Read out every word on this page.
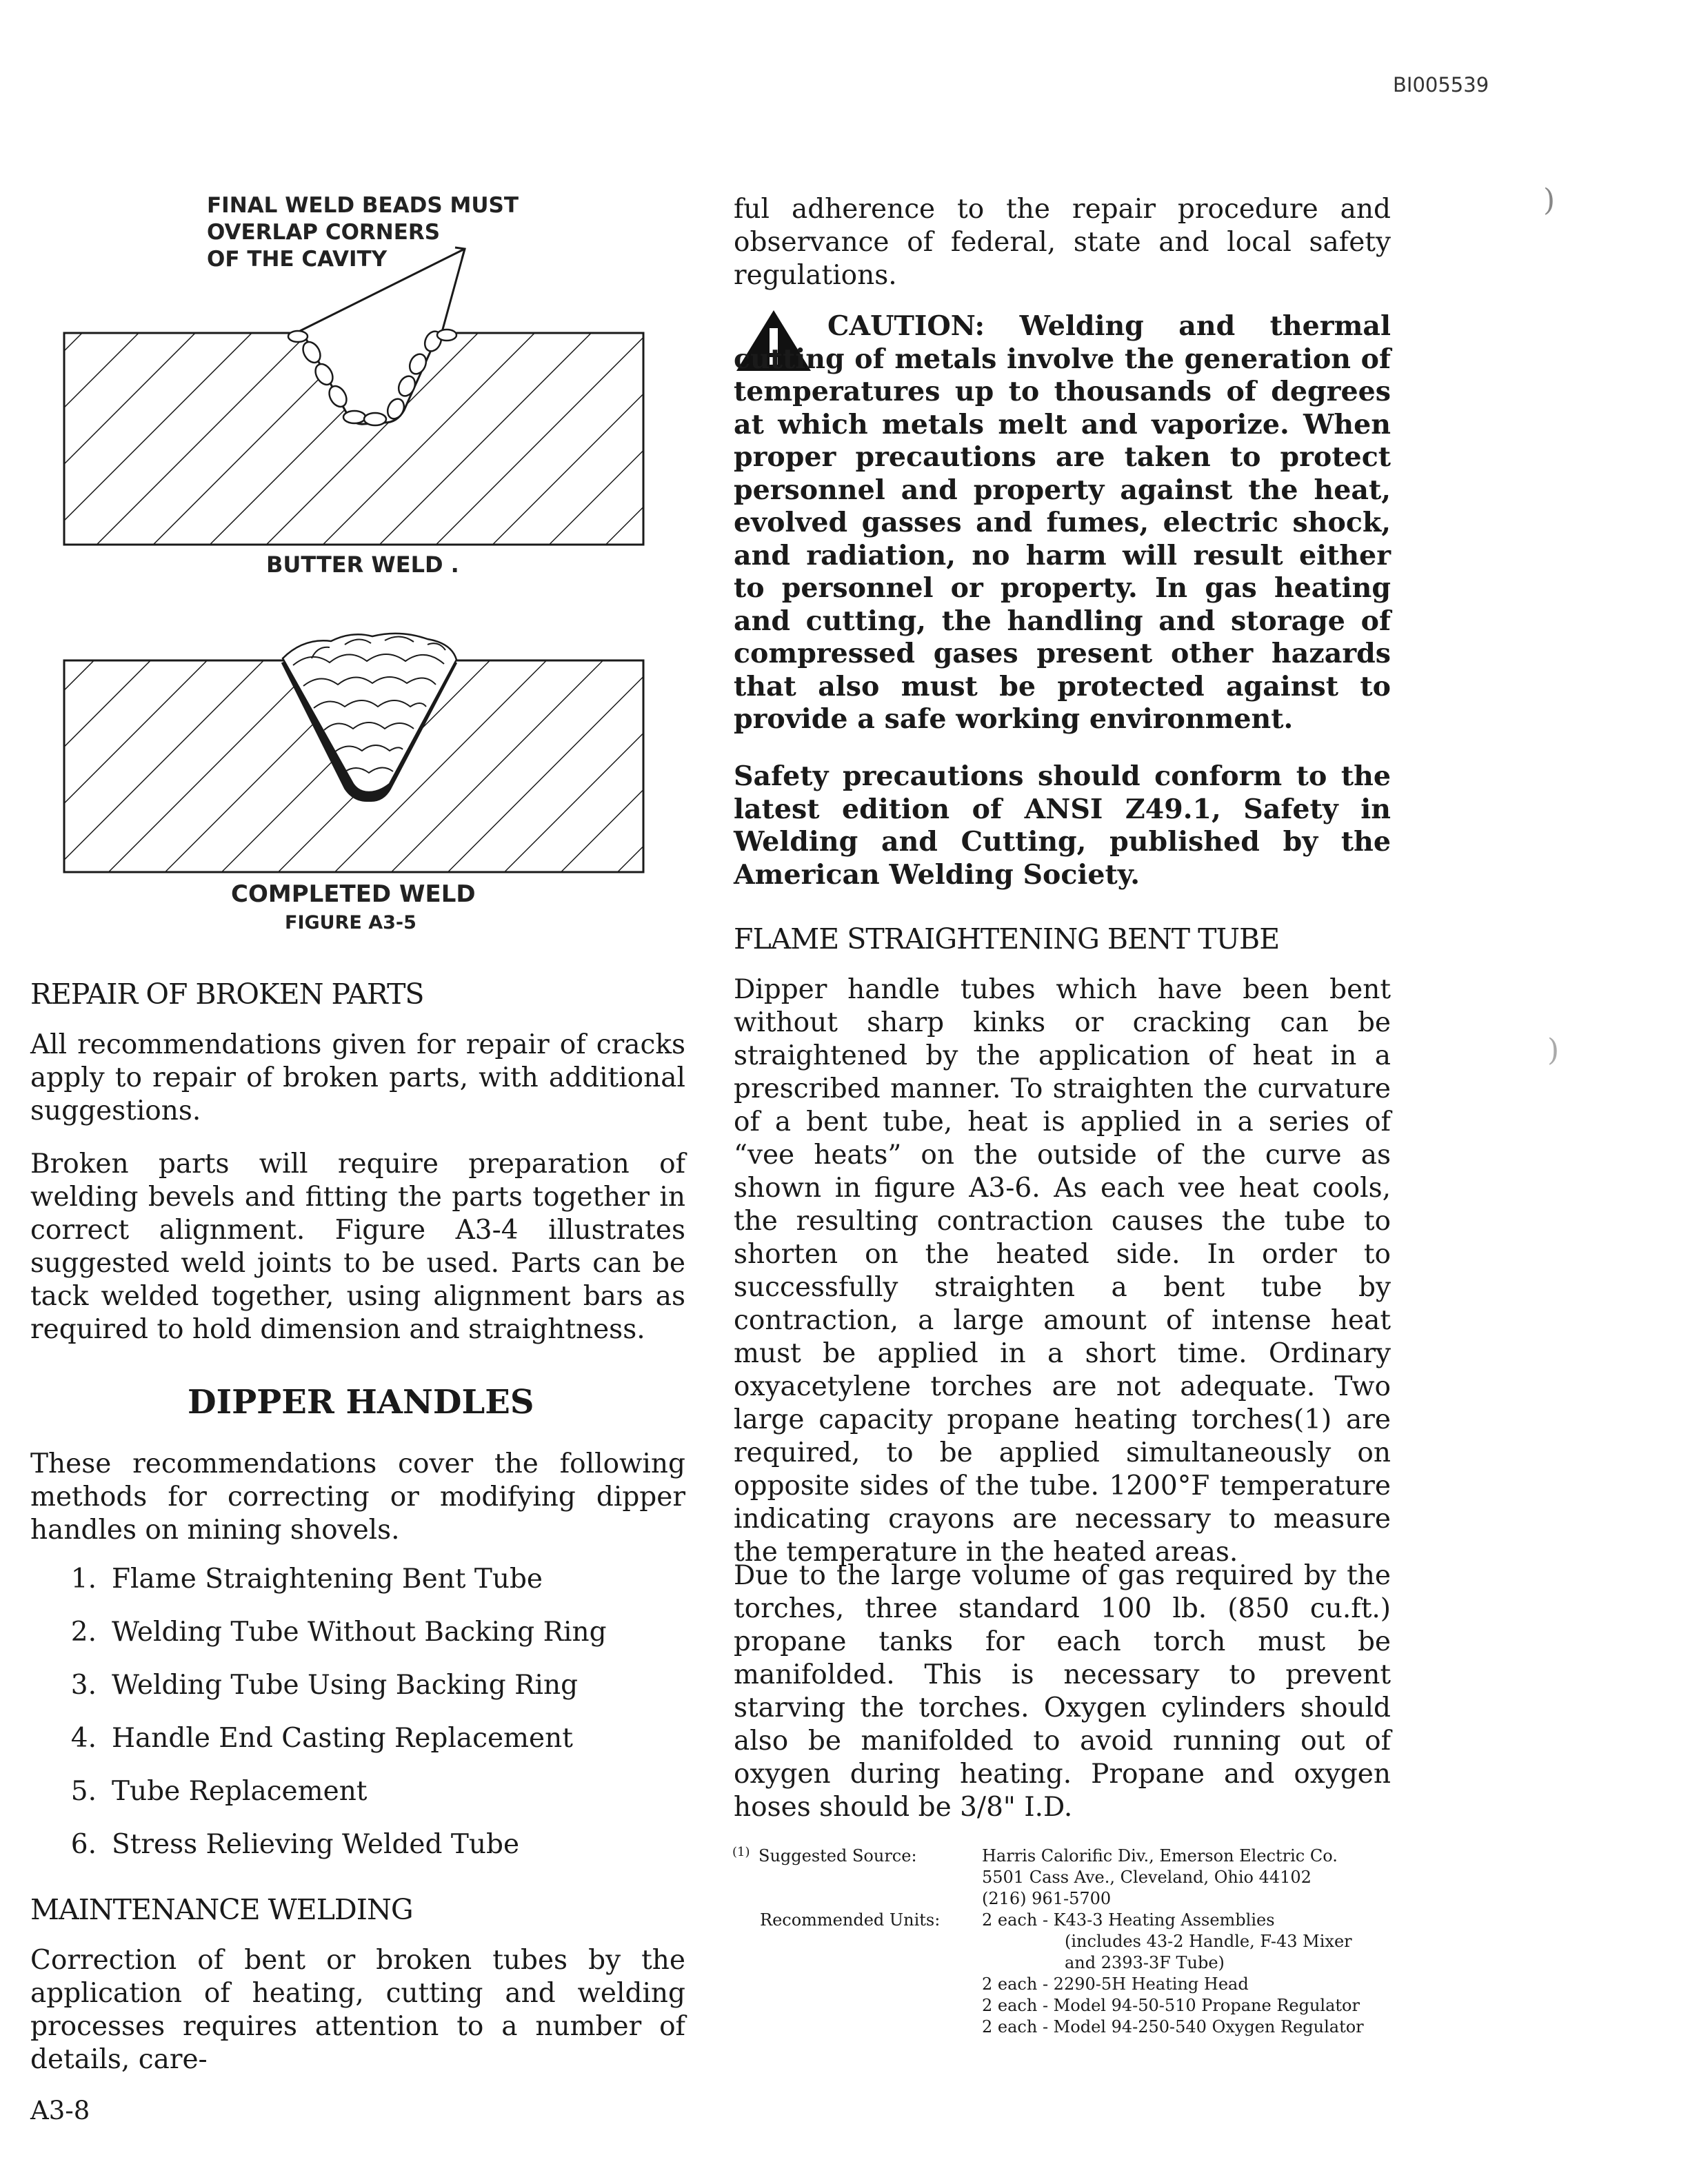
BI005539
)
)
FINAL WELD BEADS MUST
OVERLAP CORNERS
OF THE CAVITY
BUTTER WELD .
COMPLETED WELD
FIGURE A3-5
REPAIR OF BROKEN PARTS
All recommendations given for repair of cracks apply to repair of broken parts, with additional suggestions.
Broken parts will require preparation of welding bevels and fitting the parts together in correct alignment. Figure A3-4 illustrates suggested weld joints to be used. Parts can be tack welded together, using alignment bars as required to hold dimension and straightness.
DIPPER HANDLES
These recommendations cover the following methods for correcting or modifying dipper handles on mining shovels.
1. Flame Straightening Bent Tube
2. Welding Tube Without Backing Ring
3. Welding Tube Using Backing Ring
4. Handle End Casting Replacement
5. Tube Replacement
6. Stress Relieving Welded Tube
MAINTENANCE WELDING
Correction of bent or broken tubes by the application of heating, cutting and welding processes requires attention to a number of details, care-
ful adherence to the repair procedure and observance of federal, state and local safety regulations.
CAUTION: Welding and thermal cutting of metals involve the generation of temperatures up to thousands of degrees at which metals melt and vaporize. When proper precautions are taken to protect personnel and property against the heat, evolved gasses and fumes, electric shock, and radiation, no harm will result either to personnel or property. In gas heating and cutting, the handling and storage of compressed gases present other hazards that also must be protected against to provide a safe working environment.
Safety precautions should conform to the latest edition of ANSI Z49.1, Safety in Welding and Cutting, published by the American Welding Society.
FLAME STRAIGHTENING BENT TUBE
Dipper handle tubes which have been bent without sharp kinks or cracking can be straightened by the application of heat in a prescribed manner. To straighten the curvature of a bent tube, heat is applied in a series of “vee heats” on the outside of the curve as shown in figure A3-6. As each vee heat cools, the resulting contraction causes the tube to shorten on the heated side. In order to successfully straighten a bent tube by contraction, a large amount of intense heat must be applied in a short time. Ordinary oxyacetylene torches are not adequate. Two large capacity propane heating torches(1) are required, to be applied simultaneously on opposite sides of the tube. 1200°F temperature indicating crayons are necessary to measure the temperature in the heated areas.
Due to the large volume of gas required by the torches, three standard 100 lb. (850 cu.ft.) propane tanks for each torch must be manifolded. This is necessary to prevent starving the torches. Oxygen cylinders should also be manifolded to avoid running out of oxygen during heating. Propane and oxygen hoses should be 3/8" I.D.
(1) Suggested Source:	Harris Calorific Div., Emerson Electric Co.
5501 Cass Ave., Cleveland, Ohio 44102
(216) 961-5700
Recommended Units:	2 each - K43-3 Heating Assemblies
(includes 43-2 Handle, F-43 Mixer
and 2393-3F Tube)
2 each - 2290-5H Heating Head
2 each - Model 94-50-510 Propane Regulator
2 each - Model 94-250-540 Oxygen Regulator
A3-8
